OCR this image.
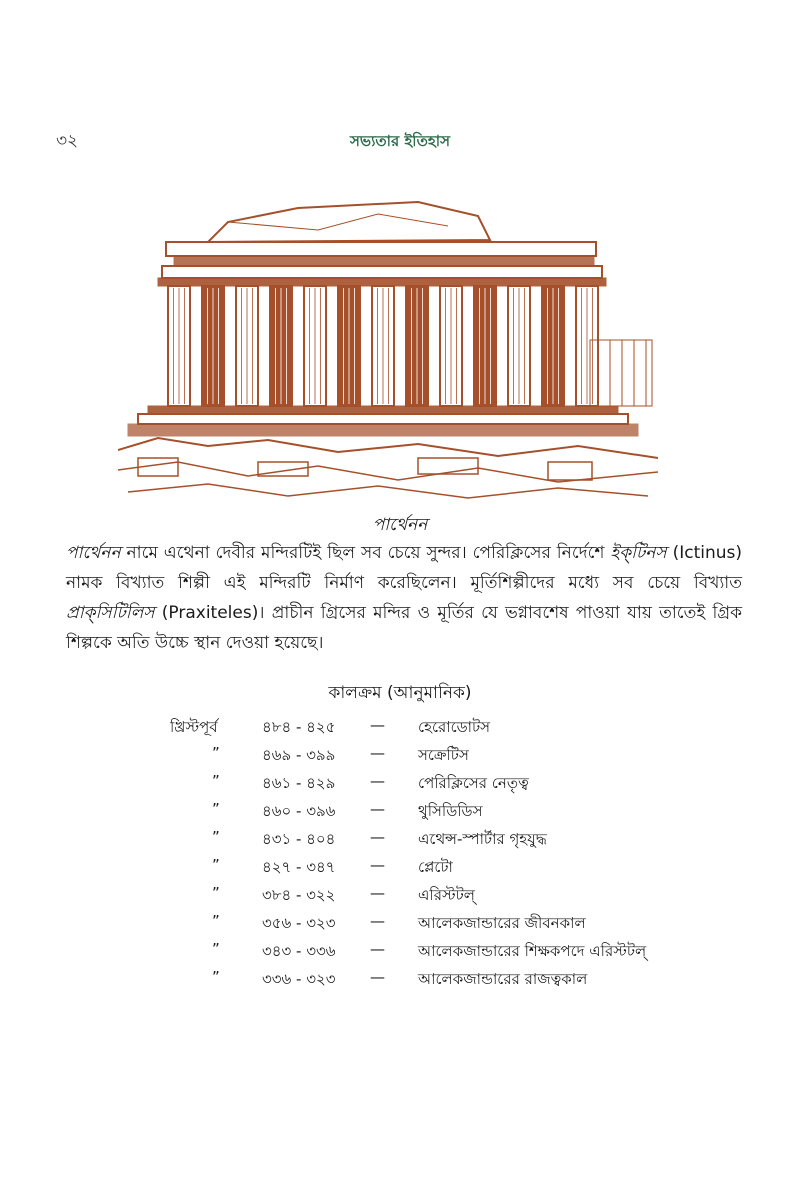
৩২	সভ্যতার ইতিহাস
পার্থেনন
পার্থেনন নামে এথেনা দেবীর মন্দিরটিই ছিল সব চেয়ে সুন্দর। পেরিক্লিসের নির্দেশে ইক্‌টিনস (Ictinus) নামক বিখ্যাত শিল্পী এই মন্দিরটি নির্মাণ করেছিলেন। মূর্তিশিল্পীদের মধ্যে সব চেয়ে বিখ্যাত প্রাক্‌সিটিলিস (Praxiteles)। প্রাচীন গ্রিসের মন্দির ও মূর্তির যে ভগ্নাবশেষ পাওয়া যায় তাতেই গ্রিক শিল্পকে অতি উচ্চে স্থান দেওয়া হয়েছে।
কালক্রম (আনুমানিক)
খ্রিস্টপূর্ব	৪৮৪ - ৪২৫ — হেরোডোটস
”	৪৬৯ - ৩৯৯ — সক্রেটিস
”	৪৬১ - ৪২৯ — পেরিক্লিসের নেতৃত্ব
”	৪৬০ - ৩৯৬ — থুসিডিডিস
”	৪৩১ - ৪০৪ — এথেন্স-স্পার্টার গৃহযুদ্ধ
”	৪২৭ - ৩৪৭ — প্লেটো
”	৩৮৪ - ৩২২ — এরিস্টটল্‌
”	৩৫৬ - ৩২৩ — আলেকজান্ডারের জীবনকাল
”	৩৪৩ - ৩৩৬ — আলেকজান্ডারের শিক্ষকপদে এরিস্টটল্‌
”	৩৩৬ - ৩২৩ — আলেকজান্ডারের রাজত্বকাল
